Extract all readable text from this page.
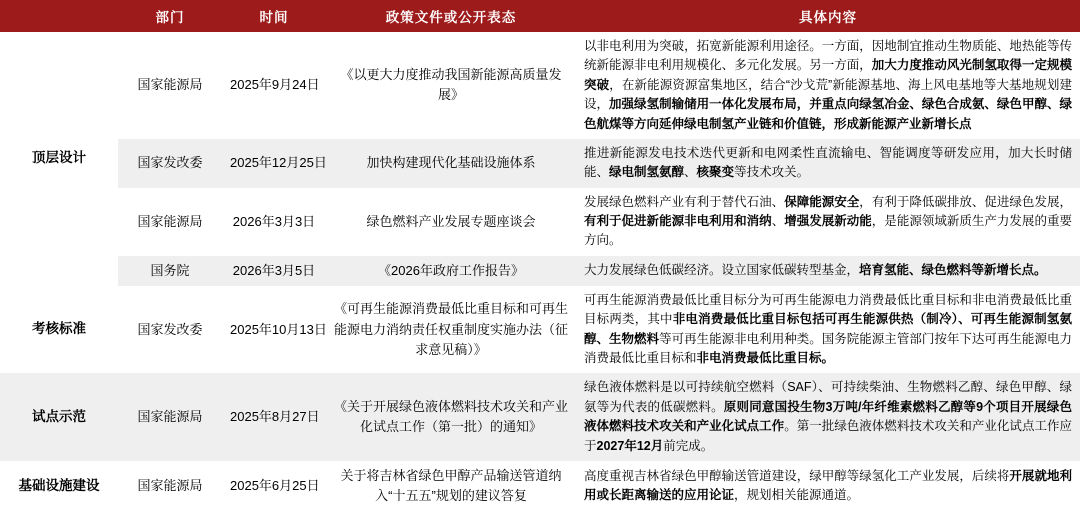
	部门	时间	政策文件或公开表态	具体内容
顶层设计	国家能源局	2025年9月24日	《以更大力度推动我国新能源高质量发展》	以非电利用为突破，拓宽新能源利用途径。一方面，因地制宜推动生物质能、地热能等传统新能源非电利用规模化、多元化发展。另一方面，加大力度推动风光制氢取得一定规模突破，在新能源资源富集地区，结合“沙戈荒”新能源基地、海上风电基地等大基地规划建设，加强绿氢制输储用一体化发展布局，并重点向绿氢冶金、绿色合成氨、绿色甲醇、绿色航煤等方向延伸绿电制氢产业链和价值链，形成新能源产业新增长点
	国家发改委	2025年12月25日	加快构建现代化基础设施体系	推进新能源发电技术迭代更新和电网柔性直流输电、智能调度等研发应用，加大长时储能、绿电制氢氨醇、核聚变等技术攻关。
	国家能源局	2026年3月3日	绿色燃料产业发展专题座谈会	发展绿色燃料产业有利于替代石油、保障能源安全，有利于降低碳排放、促进绿色发展，有利于促进新能源非电利用和消纳、增强发展新动能，是能源领域新质生产力发展的重要方向。
	国务院	2026年3月5日	《2026年政府工作报告》	大力发展绿色低碳经济。设立国家低碳转型基金，培育氢能、绿色燃料等新增长点。
考核标准	国家发改委	2025年10月13日	《可再生能源消费最低比重目标和可再生能源电力消纳责任权重制度实施办法（征求意见稿）》	可再生能源消费最低比重目标分为可再生能源电力消费最低比重目标和非电消费最低比重目标两类，其中非电消费最低比重目标包括可再生能源供热（制冷）、可再生能源制氢氨醇、生物燃料等可再生能源非电利用种类。国务院能源主管部门按年下达可再生能源电力消费最低比重目标和非电消费最低比重目标。
试点示范	国家能源局	2025年8月27日	《关于开展绿色液体燃料技术攻关和产业化试点工作（第一批）的通知》	绿色液体燃料是以可持续航空燃料（SAF）、可持续柴油、生物燃料乙醇、绿色甲醇、绿氨等为代表的低碳燃料。原则同意国投生物3万吨/年纤维素燃料乙醇等9个项目开展绿色液体燃料技术攻关和产业化试点工作。第一批绿色液体燃料技术攻关和产业化试点工作应于2027年12月前完成。
基础设施建设	国家能源局	2025年6月25日	关于将吉林省绿色甲醇产品输送管道纳入“十五五”规划的建议答复	高度重视吉林省绿色甲醇输送管道建设，绿甲醇等绿氢化工产业发展，后续将开展就地利用或长距离输送的应用论证，规划相关能源通道。
